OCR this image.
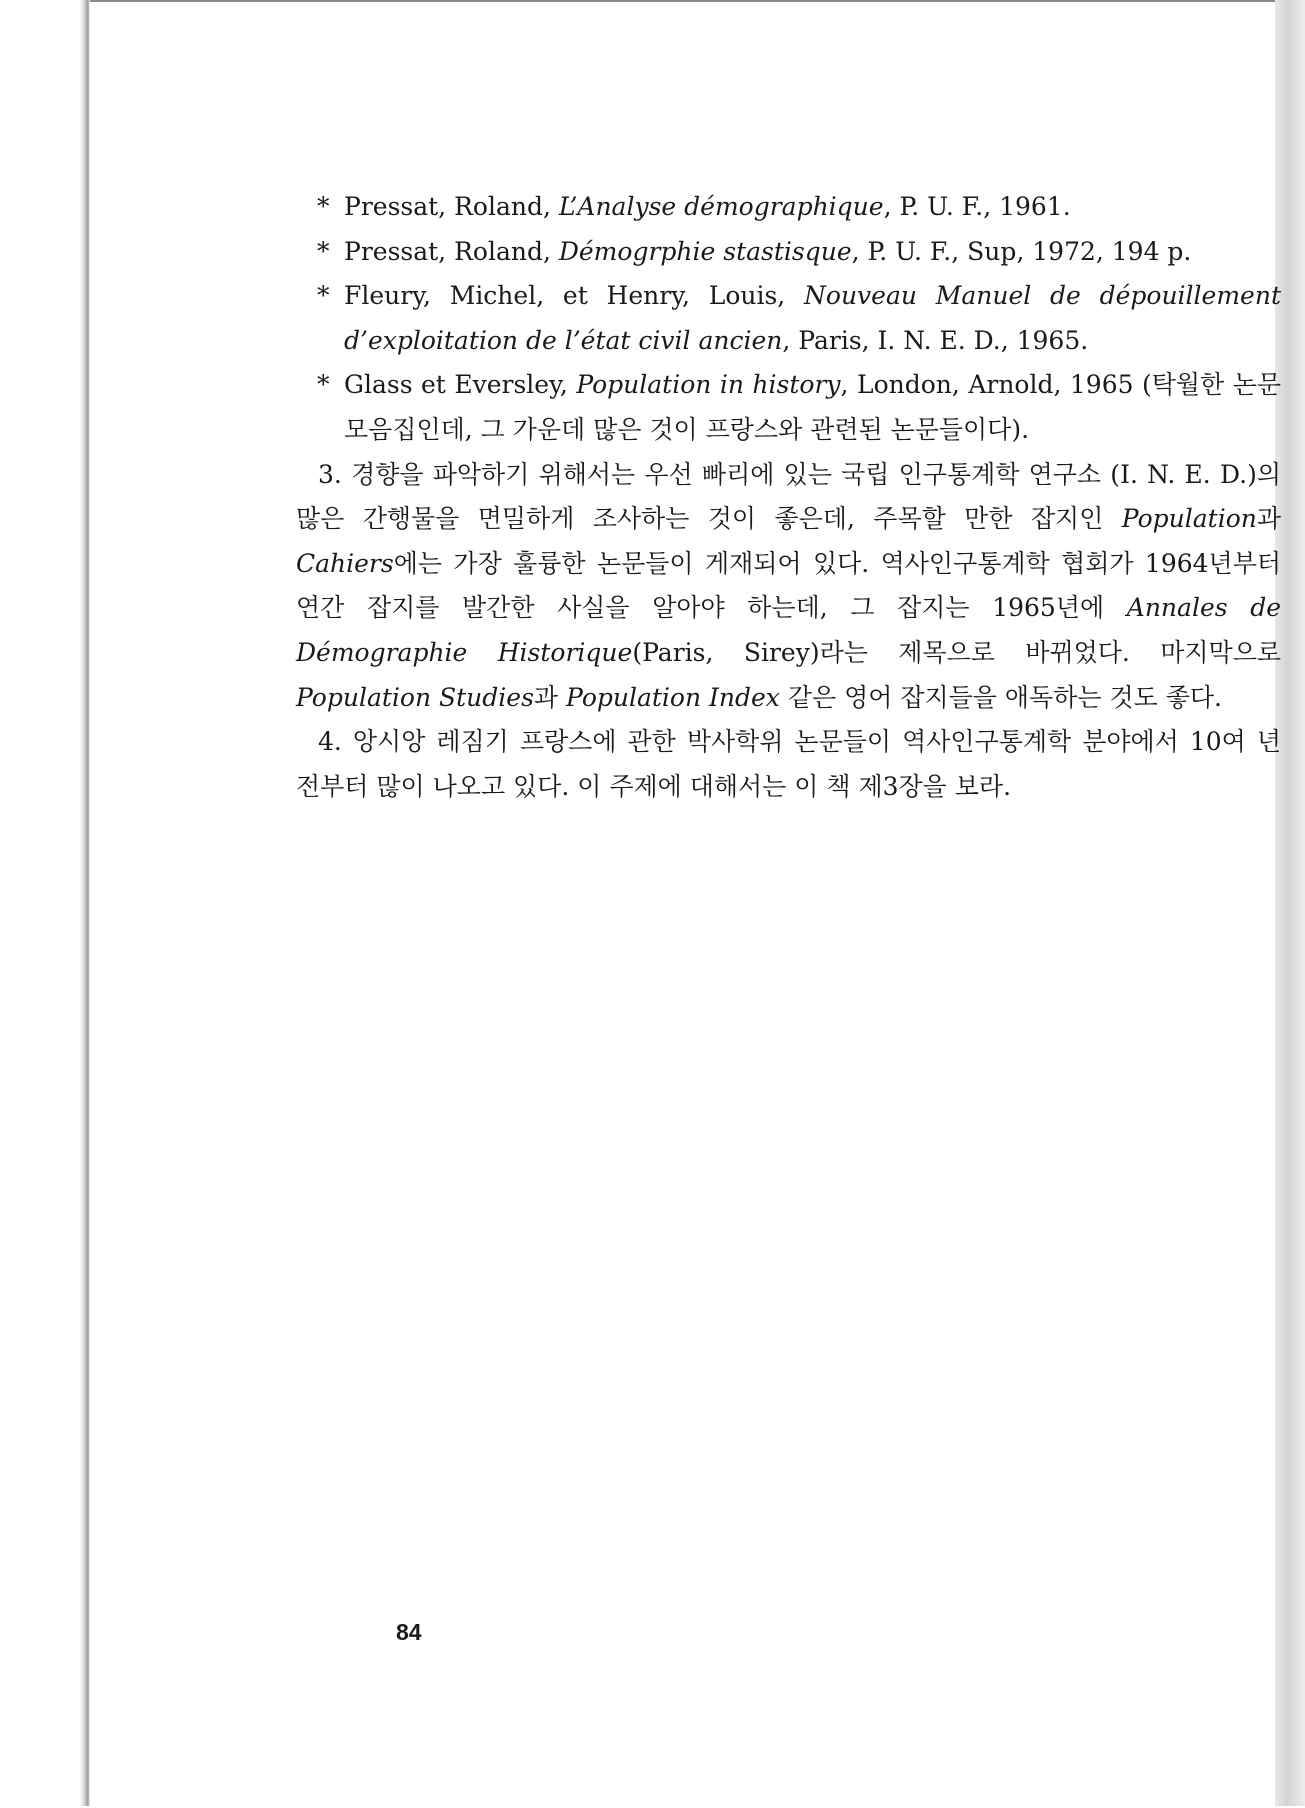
* Pressat, Roland, L’Analyse démographique, P. U. F., 1961.
* Pressat, Roland, Démogrphie stastisque, P. U. F., Sup, 1972, 194 p.
* Fleury, Michel, et Henry, Louis, Nouveau Manuel de dépouillement d’exploitation de l’état civil ancien, Paris, I. N. E. D., 1965.
* Glass et Eversley, Population in history, London, Arnold, 1965 (탁월한 논문 모음집인데, 그 가운데 많은 것이 프랑스와 관련된 논문들이다).

3. 경향을 파악하기 위해서는 우선 빠리에 있는 국립 인구통계학 연구소 (I. N. E. D.)의 많은 간행물을 면밀하게 조사하는 것이 좋은데, 주목할 만한 잡지인 Population과 Cahiers에는 가장 훌륭한 논문들이 게재되어 있다. 역사인구통계학 협회가 1964년부터 연간 잡지를 발간한 사실을 알아야 하는데, 그 잡지는 1965년에 Annales de Démographie Historique(Paris, Sirey)라는 제목으로 바뀌었다. 마지막으로 Population Studies과 Population Index 같은 영어 잡지들을 애독하는 것도 좋다.

4. 앙시앙 레짐기 프랑스에 관한 박사학위 논문들이 역사인구통계학 분야에서 10여 년 전부터 많이 나오고 있다. 이 주제에 대해서는 이 책 제3장을 보라.

84
